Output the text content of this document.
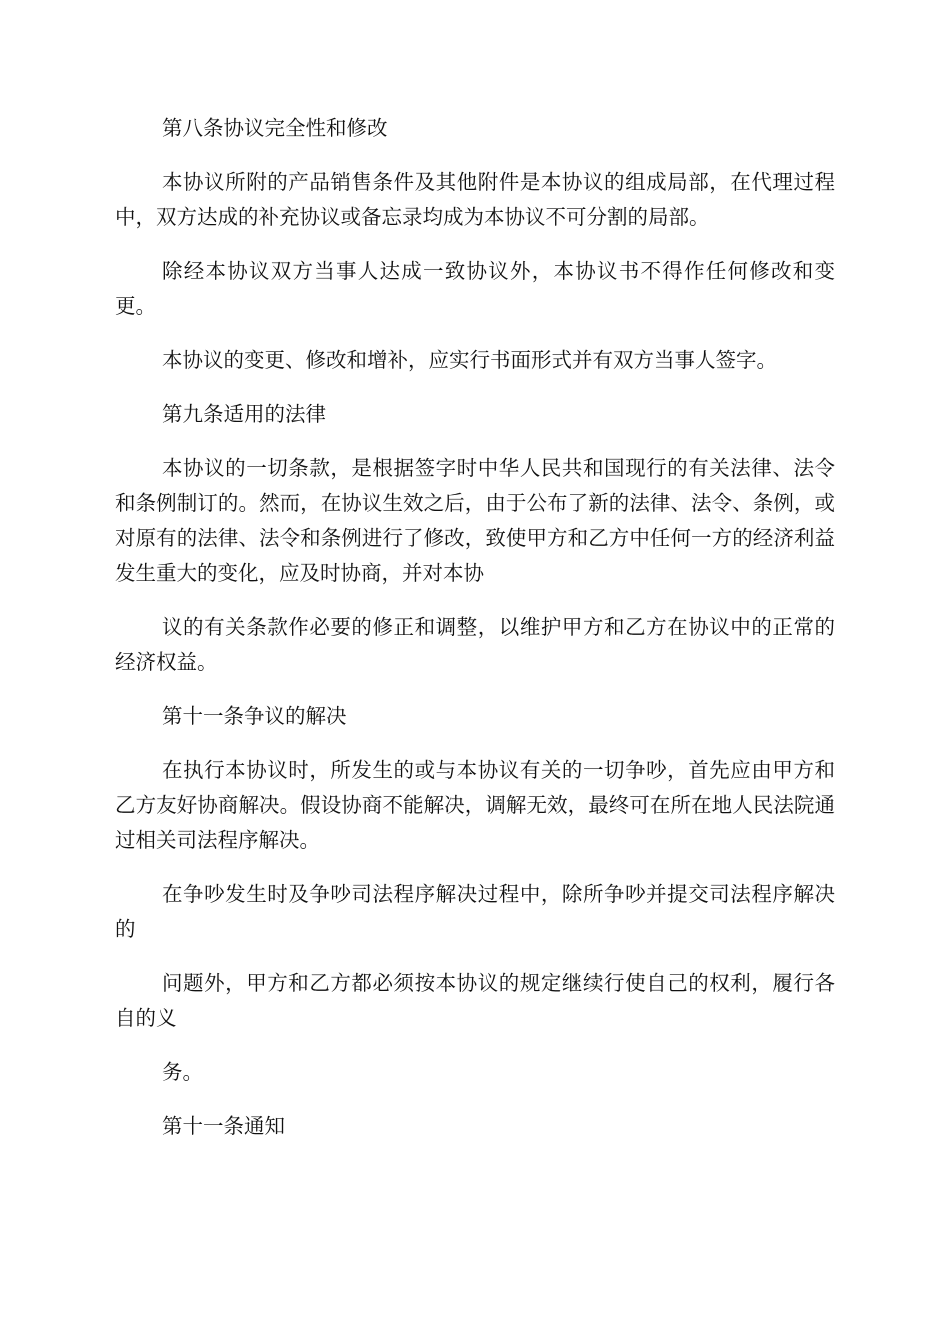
第八条协议完全性和修改

本协议所附的产品销售条件及其他附件是本协议的组成局部，在代理过程中，双方达成的补充协议或备忘录均成为本协议不可分割的局部。

除经本协议双方当事人达成一致协议外，本协议书不得作任何修改和变更。

本协议的变更、修改和增补，应实行书面形式并有双方当事人签字。

第九条适用的法律

本协议的一切条款，是根据签字时中华人民共和国现行的有关法律、法令和条例制订的。然而，在协议生效之后，由于公布了新的法律、法令、条例，或对原有的法律、法令和条例进行了修改，致使甲方和乙方中任何一方的经济利益发生重大的变化，应及时协商，并对本协

议的有关条款作必要的修正和调整，以维护甲方和乙方在协议中的正常的经济权益。

第十一条争议的解决

在执行本协议时，所发生的或与本协议有关的一切争吵，首先应由甲方和乙方友好协商解决。假设协商不能解决，调解无效，最终可在所在地人民法院通过相关司法程序解决。

在争吵发生时及争吵司法程序解决过程中，除所争吵并提交司法程序解决的

问题外，甲方和乙方都必须按本协议的规定继续行使自己的权利，履行各自的义

务。

第十一条通知
